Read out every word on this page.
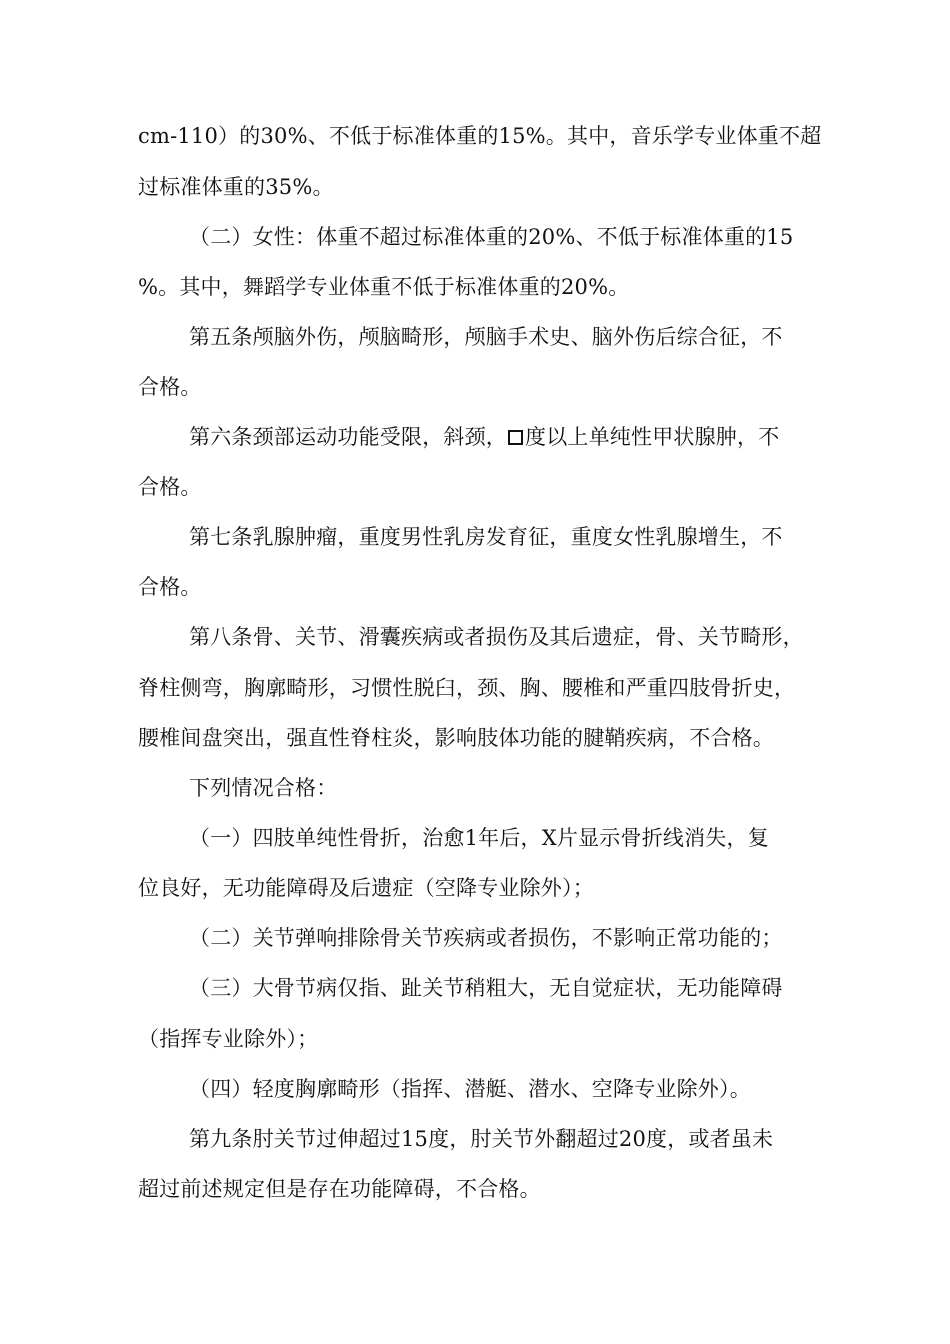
cm-110）的30%、不低于标准体重的15%。其中，音乐学专业体重不超
过标准体重的35%。
（二）女性：体重不超过标准体重的20%、不低于标准体重的15
%。其中，舞蹈学专业体重不低于标准体重的20%。
第五条颅脑外伤，颅脑畸形，颅脑手术史、脑外伤后综合征，不
合格。
第六条颈部运动功能受限，斜颈， 度以上单纯性甲状腺肿，不
合格。
第七条乳腺肿瘤，重度男性乳房发育征，重度女性乳腺增生，不
合格。
第八条骨、关节、滑囊疾病或者损伤及其后遗症，骨、关节畸形，
脊柱侧弯，胸廓畸形，习惯性脱臼，颈、胸、腰椎和严重四肢骨折史，
腰椎间盘突出，强直性脊柱炎，影响肢体功能的腱鞘疾病，不合格。
下列情况合格：
（一）四肢单纯性骨折，治愈1年后，X片显示骨折线消失，复
位良好，无功能障碍及后遗症（空降专业除外）；
（二）关节弹响排除骨关节疾病或者损伤，不影响正常功能的；
（三）大骨节病仅指、趾关节稍粗大，无自觉症状，无功能障碍
（指挥专业除外）；
（四）轻度胸廓畸形（指挥、潜艇、潜水、空降专业除外）。
第九条肘关节过伸超过15度，肘关节外翻超过20度，或者虽未
超过前述规定但是存在功能障碍，不合格。
